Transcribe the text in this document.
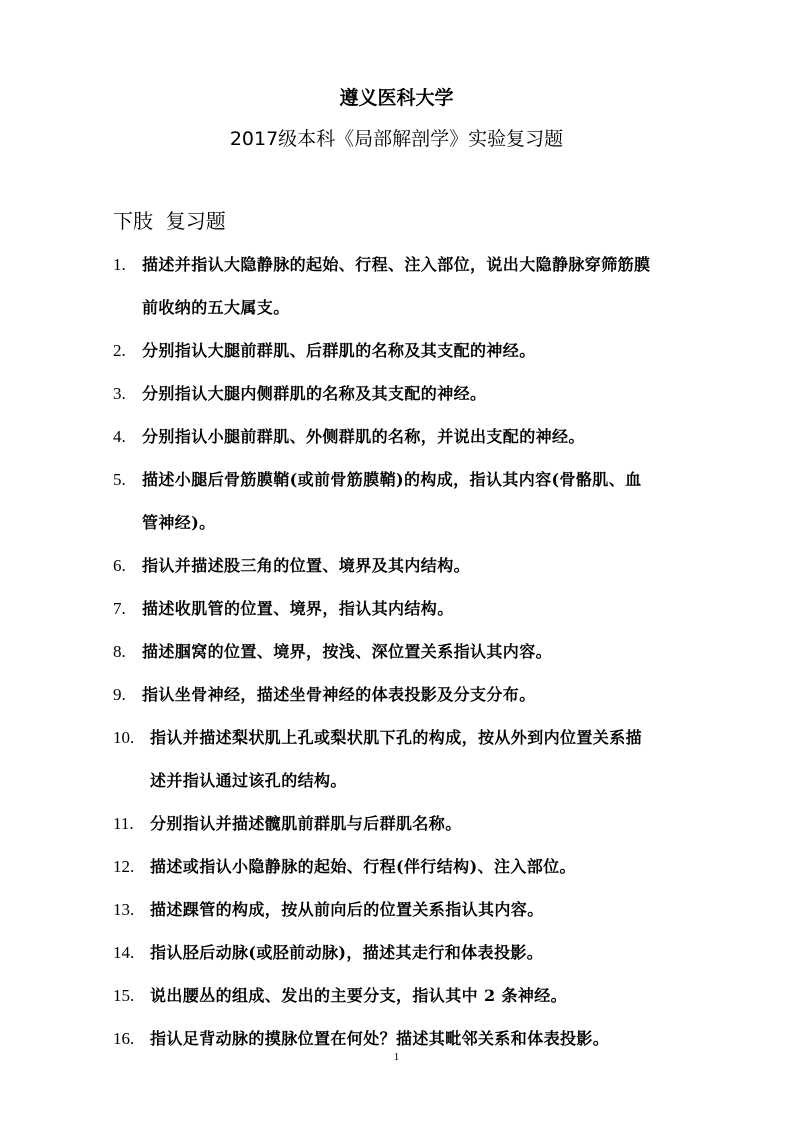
遵义医科大学
2017级本科《局部解剖学》实验复习题
下肢  复习题
1. 描述并指认大隐静脉的起始、行程、注入部位，说出大隐静脉穿筛筋膜
前收纳的五大属支。
2. 分别指认大腿前群肌、后群肌的名称及其支配的神经。
3. 分别指认大腿内侧群肌的名称及其支配的神经。
4. 分别指认小腿前群肌、外侧群肌的名称，并说出支配的神经。
5. 描述小腿后骨筋膜鞘(或前骨筋膜鞘)的构成，指认其内容(骨骼肌、血
管神经)。
6. 指认并描述股三角的位置、境界及其内结构。
7. 描述收肌管的位置、境界，指认其内结构。
8. 描述腘窝的位置、境界，按浅、深位置关系指认其内容。
9. 指认坐骨神经，描述坐骨神经的体表投影及分支分布。
10. 指认并描述梨状肌上孔或梨状肌下孔的构成，按从外到内位置关系描
述并指认通过该孔的结构。
11. 分别指认并描述髋肌前群肌与后群肌名称。
12. 描述或指认小隐静脉的起始、行程(伴行结构)、注入部位。
13. 描述踝管的构成，按从前向后的位置关系指认其内容。
14. 指认胫后动脉(或胫前动脉)，描述其走行和体表投影。
15. 说出腰丛的组成、发出的主要分支，指认其中 2 条神经。
16. 指认足背动脉的摸脉位置在何处？描述其毗邻关系和体表投影。
1
